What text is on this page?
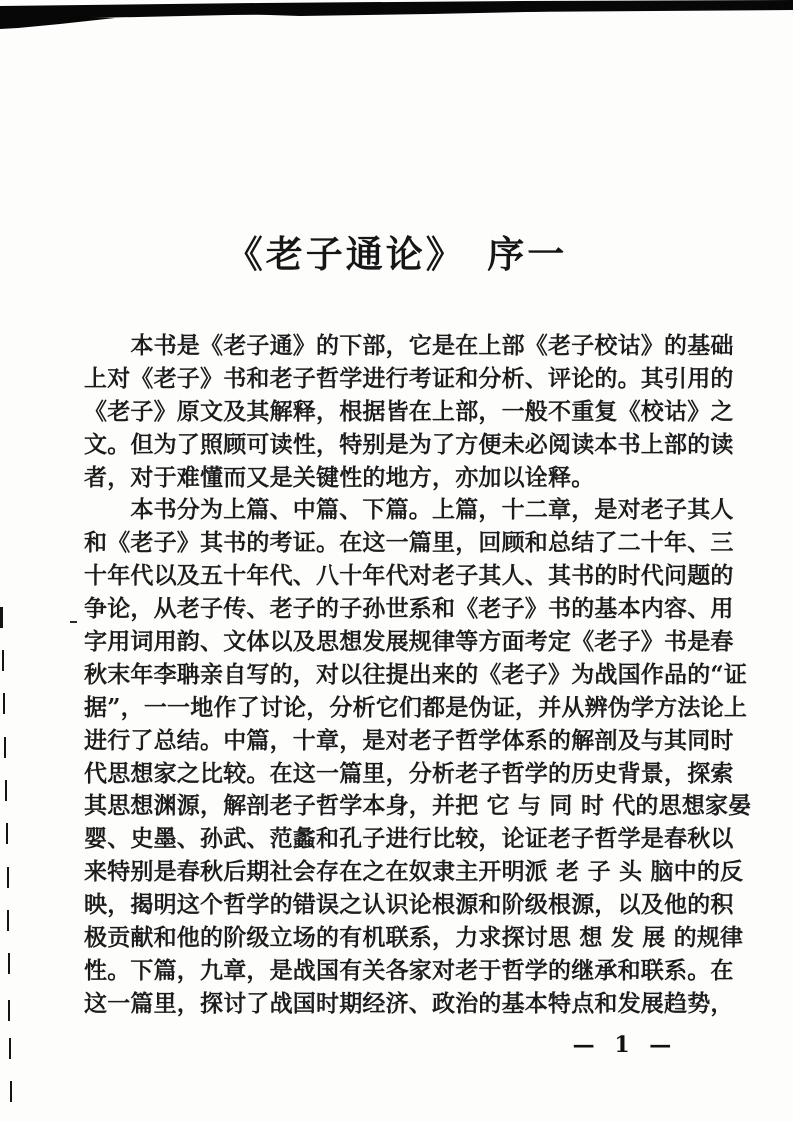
《老子通论》　序一
　　本书是《老子通》的下部，它是在上部《老子校诂》的基础
上对《老子》书和老子哲学进行考证和分析、评论的。其引用的
《老子》原文及其解释，根据皆在上部，一般不重复《校诂》之
文。但为了照顾可读性，特别是为了方便未必阅读本书上部的读
者，对于难懂而又是关键性的地方，亦加以诠释。
　　本书分为上篇、中篇、下篇。上篇，十二章，是对老子其人
和《老子》其书的考证。在这一篇里，回顾和总结了二十年、三
十年代以及五十年代、八十年代对老子其人、其书的时代问题的
争论，从老子传、老子的子孙世系和《老子》书的基本内容、用
字用词用韵、文体以及思想发展规律等方面考定《老子》书是春
秋末年李聃亲自写的，对以往提出来的《老子》为战国作品的“证
据”，一一地作了讨论，分析它们都是伪证，并从辨伪学方法论上
进行了总结。中篇，十章，是对老子哲学体系的解剖及与其同时
代思想家之比较。在这一篇里，分析老子哲学的历史背景，探索
其思想渊源，解剖老子哲学本身，并把 它 与 同 时 代的思想家晏
婴、史墨、孙武、范蠡和孔子进行比较，论证老子哲学是春秋以
来特别是春秋后期社会存在之在奴隶主开明派 老 子 头 脑中的反
映，揭明这个哲学的错误之认识论根源和阶级根源，以及他的积
极贡献和他的阶级立场的有机联系，力求探讨思 想 发 展 的规律
性。下篇，九章，是战国有关各家对老于哲学的继承和联系。在
这一篇里，探讨了战国时期经济、政治的基本特点和发展趋势，
— 1 —
